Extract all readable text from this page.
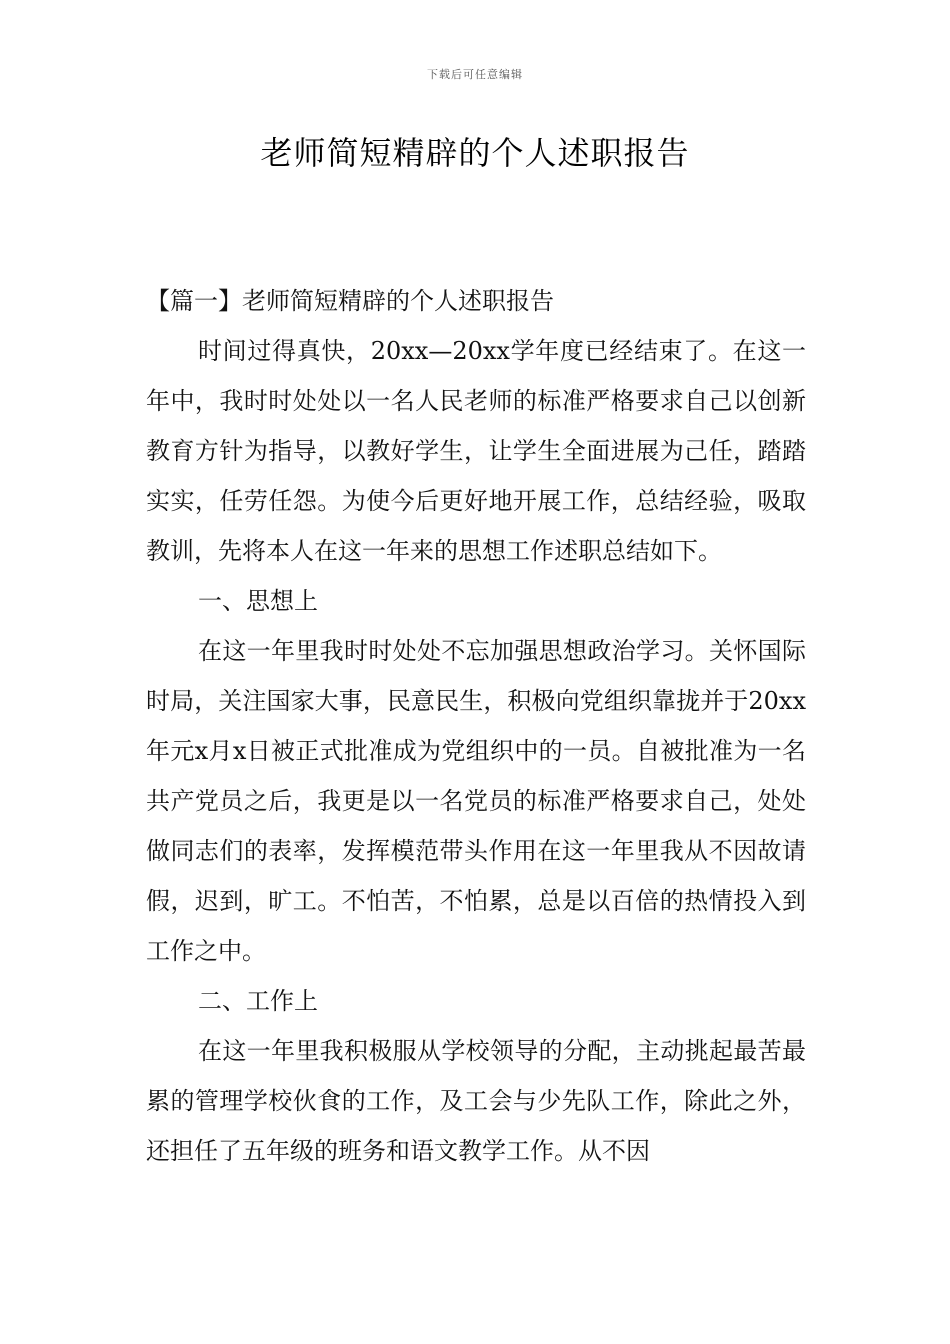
下载后可任意编辑
老师简短精辟的个人述职报告

【篇一】老师简短精辟的个人述职报告

时间过得真快，20xx—20xx学年度已经结束了。在这一年中，我时时处处以一名人民老师的标准严格要求自己以创新教育方针为指导，以教好学生，让学生全面进展为己任，踏踏实实，任劳任怨。为使今后更好地开展工作，总结经验，吸取教训，先将本人在这一年来的思想工作述职总结如下。

一、思想上

在这一年里我时时处处不忘加强思想政治学习。关怀国际时局，关注国家大事，民意民生，积极向党组织靠拢并于20xx年元x月x日被正式批准成为党组织中的一员。自被批准为一名共产党员之后，我更是以一名党员的标准严格要求自己，处处做同志们的表率，发挥模范带头作用在这一年里我从不因故请假，迟到，旷工。不怕苦，不怕累，总是以百倍的热情投入到工作之中。

二、工作上

在这一年里我积极服从学校领导的分配，主动挑起最苦最累的管理学校伙食的工作，及工会与少先队工作，除此之外，还担任了五年级的班务和语文教学工作。从不因
